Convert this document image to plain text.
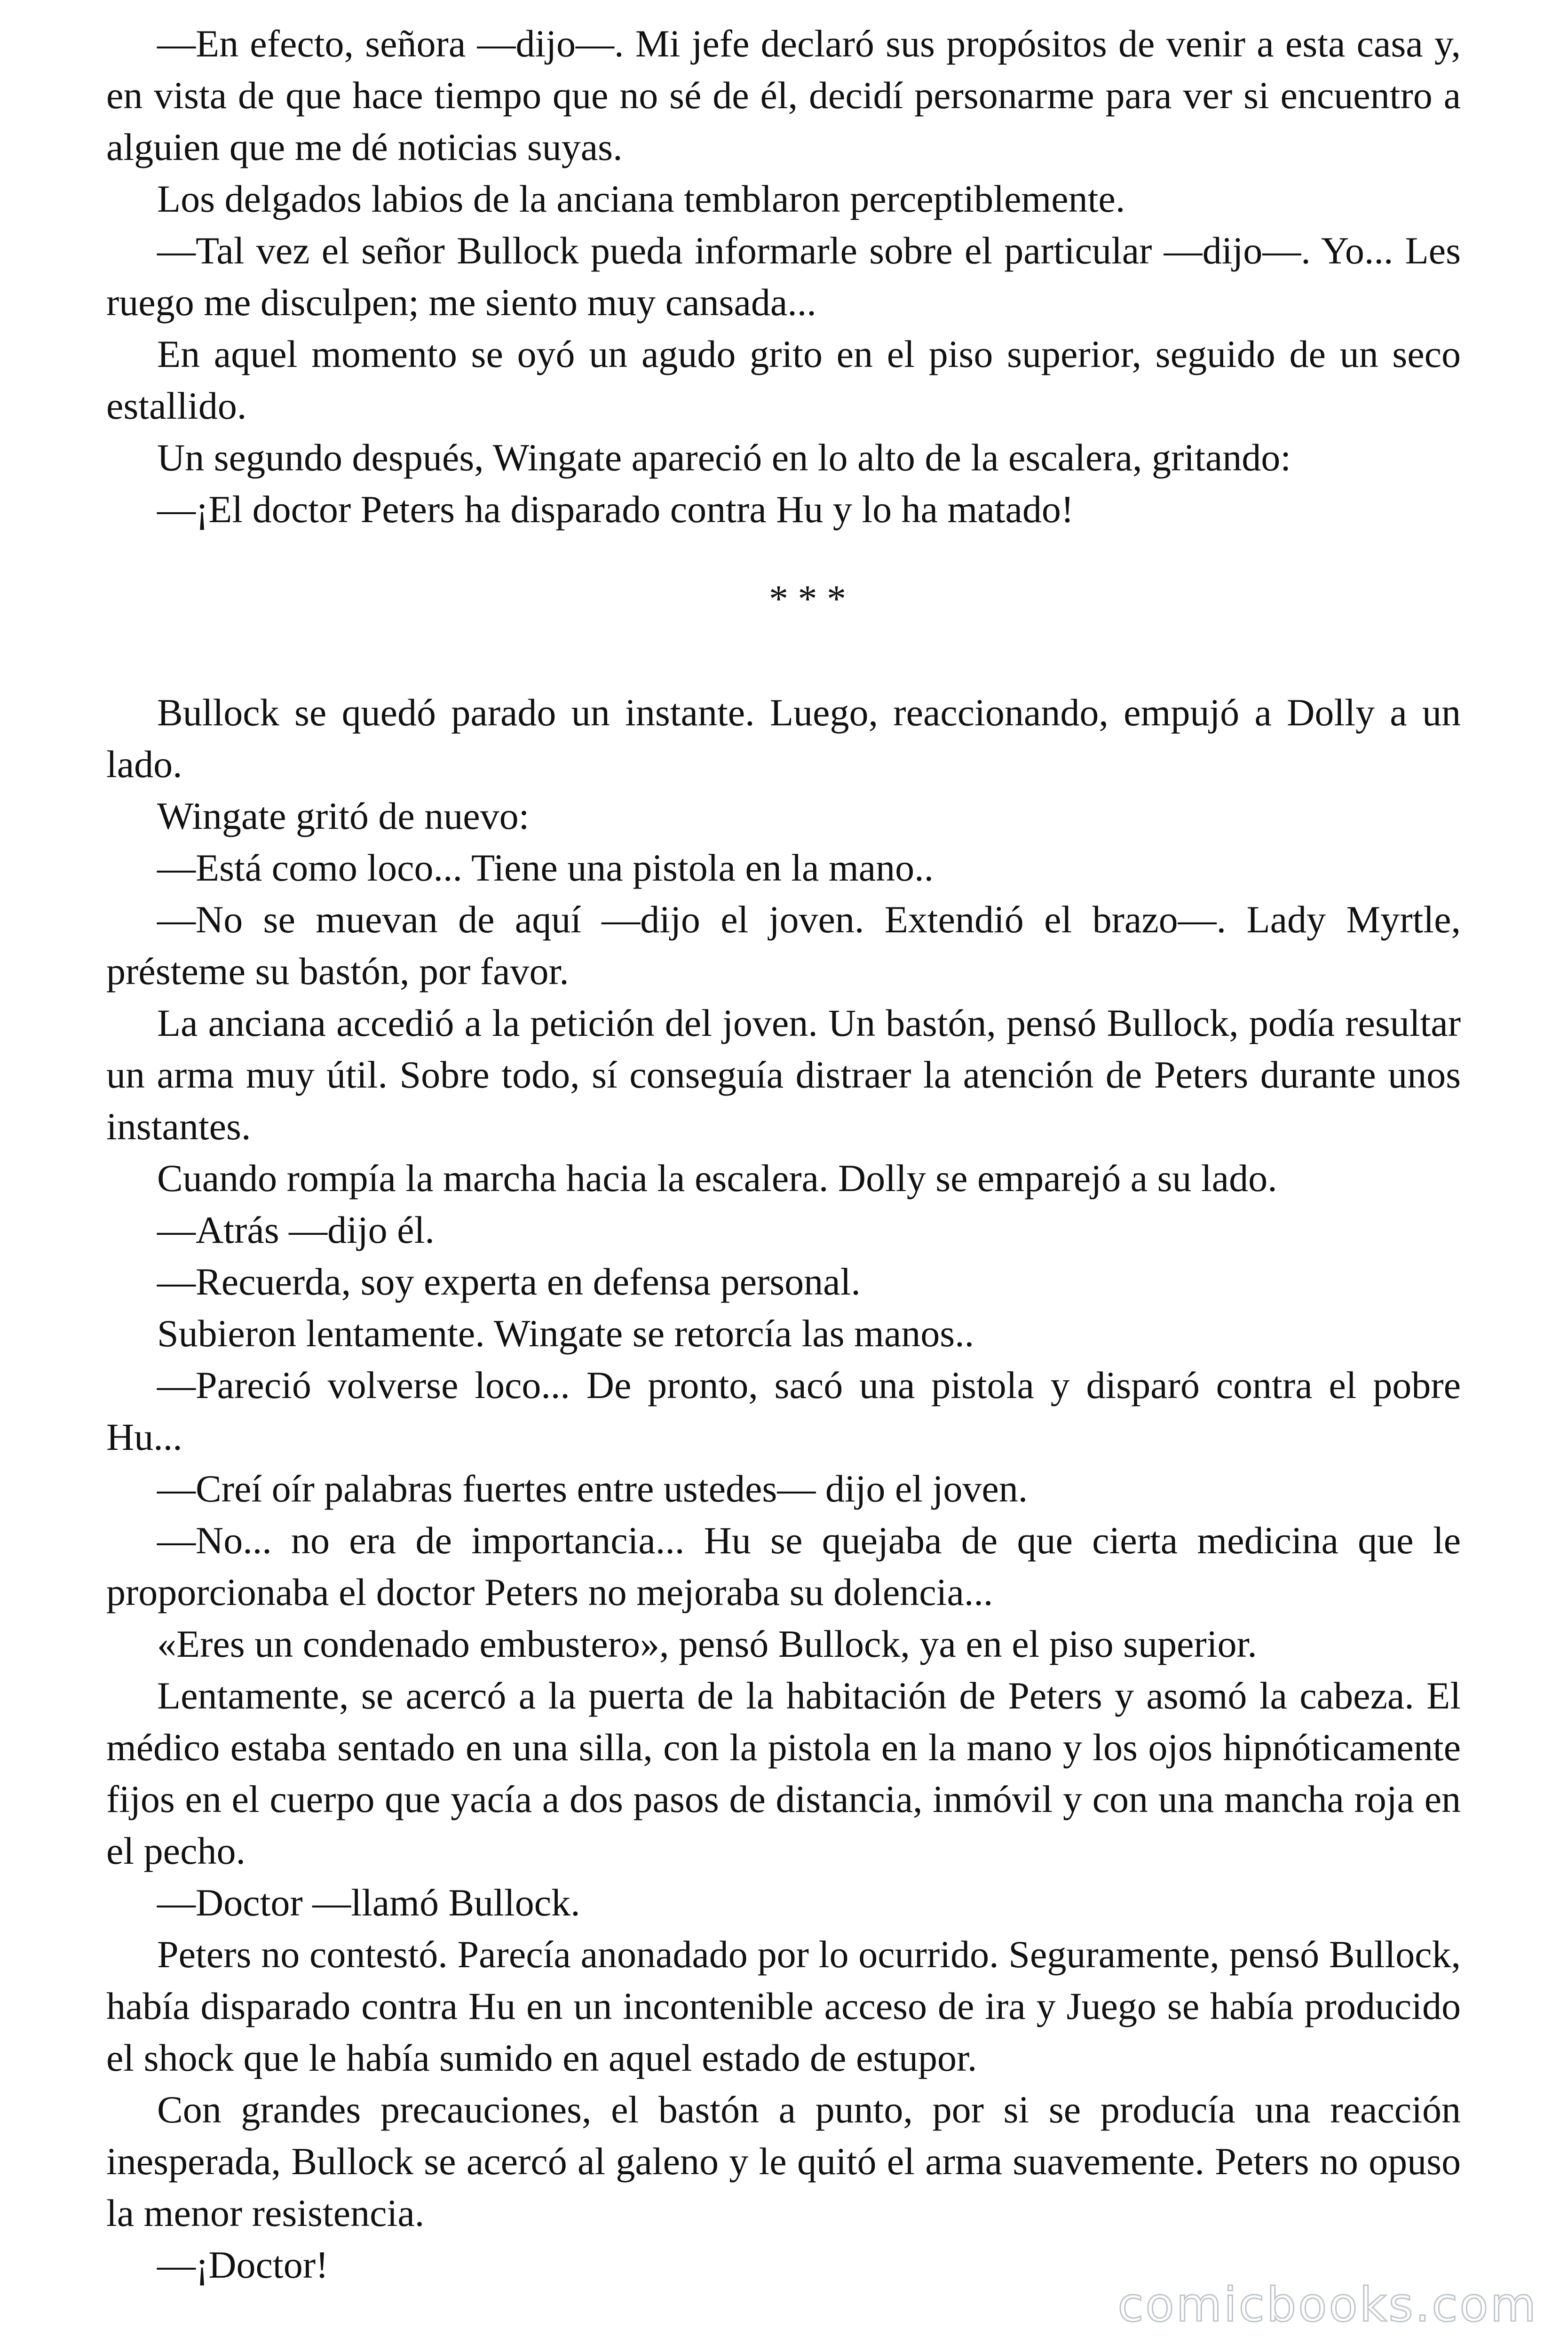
—En efecto, señora —dijo—. Mi jefe declaró sus propósitos de venir a esta casa y, en vista de que hace tiempo que no sé de él, decidí personarme para ver si encuentro a alguien que me dé noticias suyas.

Los delgados labios de la anciana temblaron perceptiblemente.

—Tal vez el señor Bullock pueda informarle sobre el particular —dijo—. Yo... Les ruego me disculpen; me siento muy cansada...

En aquel momento se oyó un agudo grito en el piso superior, seguido de un seco estallido.

Un segundo después, Wingate apareció en lo alto de la escalera, gritando:

—¡El doctor Peters ha disparado contra Hu y lo ha matado!

* * *

Bullock se quedó parado un instante. Luego, reaccionando, empujó a Dolly a un lado.

Wingate gritó de nuevo:

—Está como loco... Tiene una pistola en la mano..

—No se muevan de aquí —dijo el joven. Extendió el brazo—. Lady Myrtle, présteme su bastón, por favor.

La anciana accedió a la petición del joven. Un bastón, pensó Bullock, podía resultar un arma muy útil. Sobre todo, sí conseguía distraer la atención de Peters durante unos instantes.

Cuando rompía la marcha hacia la escalera. Dolly se emparejó a su lado.

—Atrás —dijo él.

—Recuerda, soy experta en defensa personal.

Subieron lentamente. Wingate se retorcía las manos..

—Pareció volverse loco... De pronto, sacó una pistola y disparó contra el pobre Hu...

—Creí oír palabras fuertes entre ustedes— dijo el joven.

—No... no era de importancia... Hu se quejaba de que cierta medicina que le proporcionaba el doctor Peters no mejoraba su dolencia...

«Eres un condenado embustero», pensó Bullock, ya en el piso superior.

Lentamente, se acercó a la puerta de la habitación de Peters y asomó la cabeza. El médico estaba sentado en una silla, con la pistola en la mano y los ojos hipnóticamente fijos en el cuerpo que yacía a dos pasos de distancia, inmóvil y con una mancha roja en el pecho.

—Doctor —llamó Bullock.

Peters no contestó. Parecía anonadado por lo ocurrido. Seguramente, pensó Bullock, había disparado contra Hu en un incontenible acceso de ira y Juego se había producido el shock que le había sumido en aquel estado de estupor.

Con grandes precauciones, el bastón a punto, por si se producía una reacción inesperada, Bullock se acercó al galeno y le quitó el arma suavemente. Peters no opuso la menor resistencia.

—¡Doctor!

comicbooks.com
